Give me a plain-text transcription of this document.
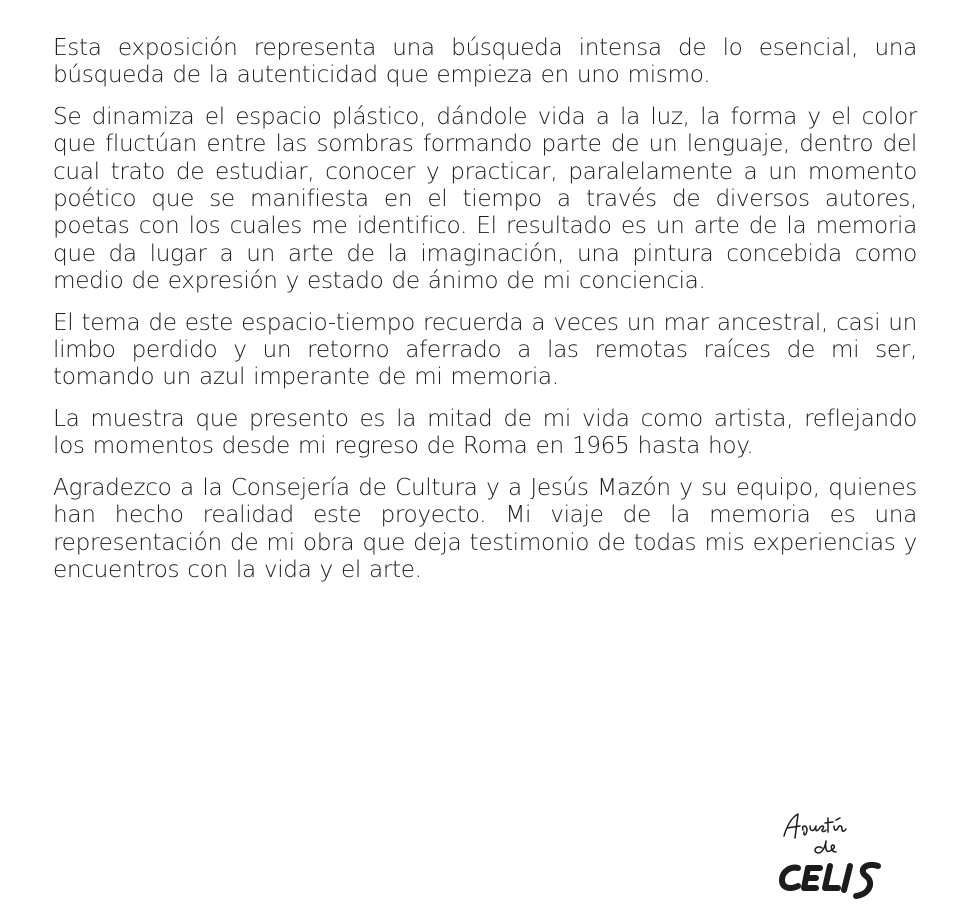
Esta exposición representa una búsqueda intensa de lo esencial, una búsqueda de la autenticidad que empieza en uno mismo.

Se dinamiza el espacio plástico, dándole vida a la luz, la forma y el color que fluctúan entre las sombras formando parte de un lenguaje, dentro del cual trato de estudiar, conocer y practicar, paralelamente a un momento poético que se manifiesta en el tiempo a través de diversos autores, poetas con los cuales me identifico. El resultado es un arte de la memoria que da lugar a un arte de la imaginación, una pintura concebida como medio de expresión y estado de ánimo de mi conciencia.

El tema de este espacio-tiempo recuerda a veces un mar ancestral, casi un limbo perdido y un retorno aferrado a las remotas raíces de mi ser, tomando un azul imperante de mi memoria.

La muestra que presento es la mitad de mi vida como artista, reflejando los momentos desde mi regreso de Roma en 1965 hasta hoy.

Agradezco a la Consejería de Cultura y a Jesús Mazón y su equipo, quienes han hecho realidad este proyecto. Mi viaje de la memoria es una representación de mi obra que deja testimonio de todas mis experiencias y encuentros con la vida y el arte.
